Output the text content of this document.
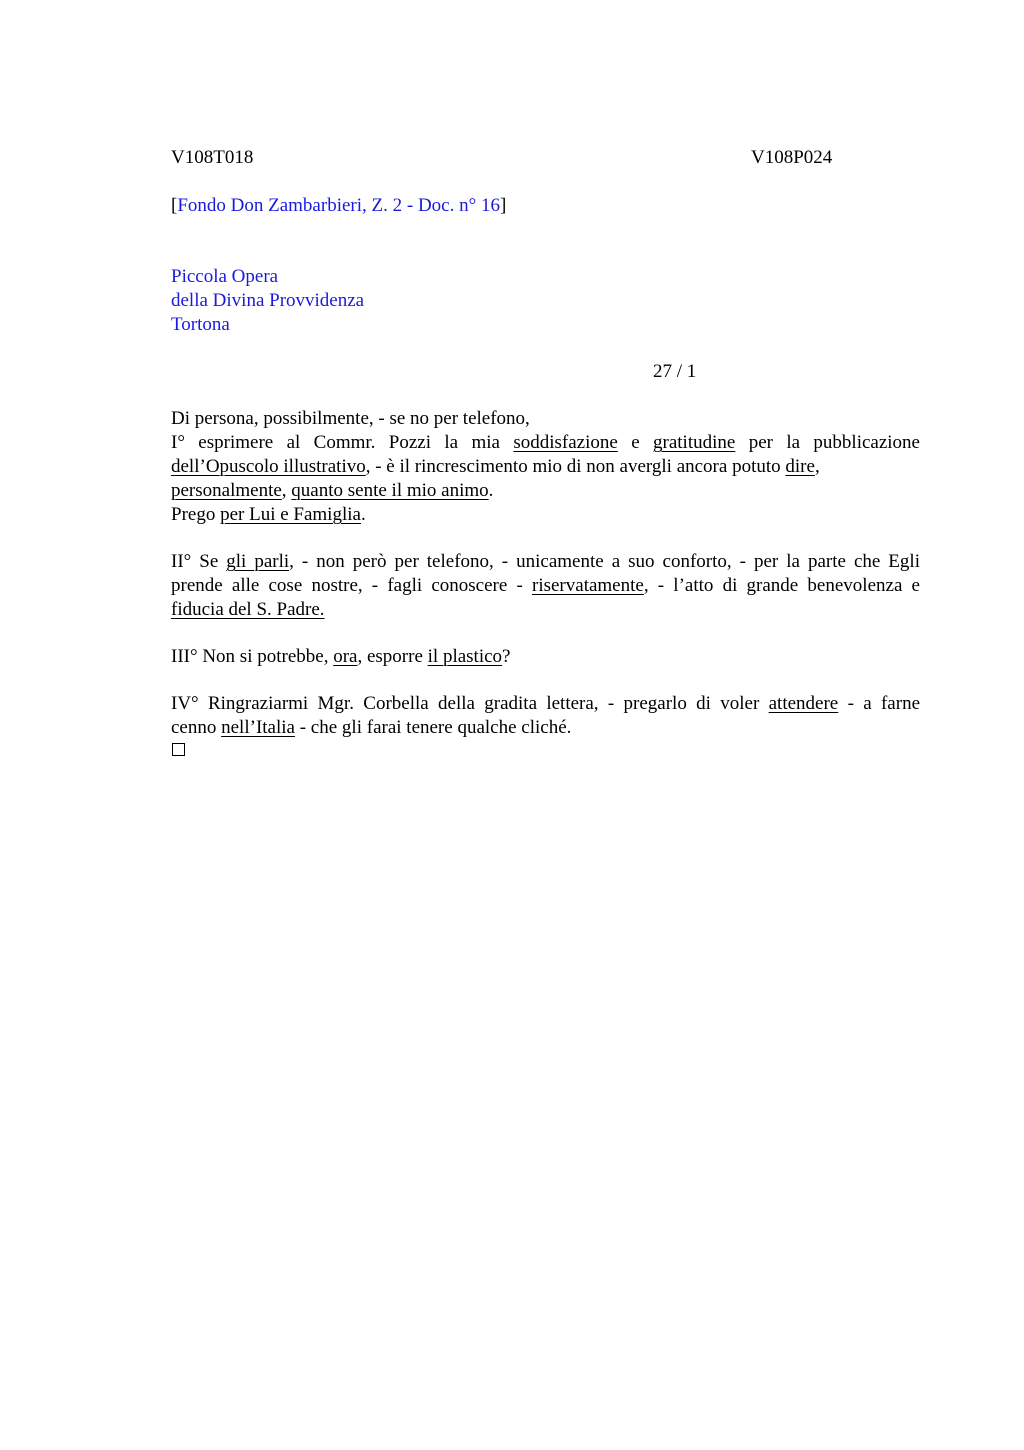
V108T018	V108P024
[Fondo Don Zambarbieri, Z. 2 - Doc. n° 16]
Piccola Opera
della Divina Provvidenza
Tortona
27 / 1
Di persona, possibilmente, - se no per telefono,
I° esprimere al Commr. Pozzi la mia soddisfazione e gratitudine per la pubblicazione
dell’Opuscolo illustrativo, - è il rincrescimento mio di non avergli ancora potuto dire,
personalmente, quanto sente il mio animo.
Prego per Lui e Famiglia.
II° Se gli parli, - non però per telefono, - unicamente a suo conforto, - per la parte che Egli
prende alle cose nostre, - fagli conoscere - riservatamente, - l’atto di grande benevolenza e
fiducia del S. Padre.
III° Non si potrebbe, ora, esporre il plastico?
IV° Ringraziarmi Mgr. Corbella della gradita lettera, - pregarlo di voler attendere - a farne
cenno nell’Italia - che gli farai tenere qualche cliché.
